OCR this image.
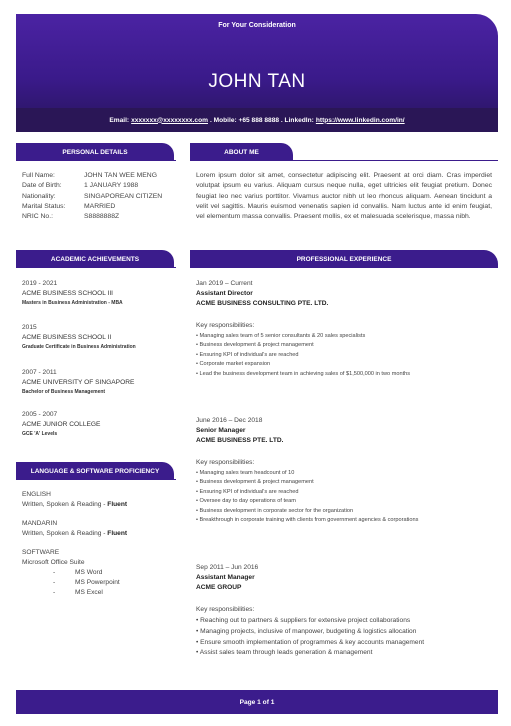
For Your Consideration
JOHN TAN
Email: xxxxxxx@xxxxxxxx.com . Mobile: +65 888 8888 . LinkedIn: https://www.linkedin.com/in/
PERSONAL DETAILS
Full Name:	JOHN TAN WEE MENG
Date of Birth:	1 JANUARY 1988
Nationality:	SINGAPOREAN CITIZEN
Marital Status:	MARRIED
NRIC No.:	S8888888Z
ABOUT ME
Lorem ipsum dolor sit amet, consectetur adipiscing elit. Praesent at orci diam. Cras imperdiet volutpat ipsum eu varius. Aliquam cursus neque nulla, eget ultricies elit feugiat pretium. Donec feugiat leo nec varius porttitor. Vivamus auctor nibh ut leo rhoncus aliquam. Aenean tincidunt a velit vel sagittis. Mauris euismod venenatis sapien id convallis. Nam luctus ante id enim feugiat, vel elementum massa convallis. Praesent mollis, ex et malesuada scelerisque, massa nibh.
ACADEMIC ACHIEVEMENTS
2019 - 2021
ACME BUSINESS SCHOOL III
Masters in Business Administration - MBA
2015
ACME BUSINESS SCHOOL II
Graduate Certificate in Business Administration
2007 - 2011
ACME UNIVERSITY OF SINGAPORE
Bachelor of Business Management
2005 - 2007
ACME JUNIOR COLLEGE
GCE 'A' Levels
PROFESSIONAL EXPERIENCE
Jan 2019 – Current
Assistant Director
ACME BUSINESS CONSULTING PTE. LTD.
Key responsibilities:
• Managing sales team of 5 senior consultants & 20 sales specialists
• Business development & project management
• Ensuring KPI of individual's are reached
• Corporate market expansion
• Lead the business development team in achieving sales of $1,500,000 in two months
June 2016 – Dec 2018
Senior Manager
ACME BUSINESS PTE. LTD.
Key responsibilities:
• Managing sales team headcount of 10
• Business development & project management
• Ensuring KPI of individual's are reached
• Oversee day to day operations of team
• Business development in corporate sector for the organization
• Breakthrough in corporate training with clients from government agencies & corporations
Sep 2011 – Jun 2016
Assistant Manager
ACME GROUP
Key responsibilities:
• Reaching out to partners & suppliers for extensive project collaborations
• Managing projects, inclusive of manpower, budgeting & logistics allocation
• Ensure smooth implementation of programmes & key accounts management
• Assist sales team through leads generation & management
LANGUAGE & SOFTWARE PROFICIENCY
ENGLISH
Written, Spoken & Reading - Fluent
MANDARIN
Written, Spoken & Reading - Fluent
SOFTWARE
Microsoft Office Suite
-	MS Word
-	MS Powerpoint
-	MS Excel
Page 1 of 1
